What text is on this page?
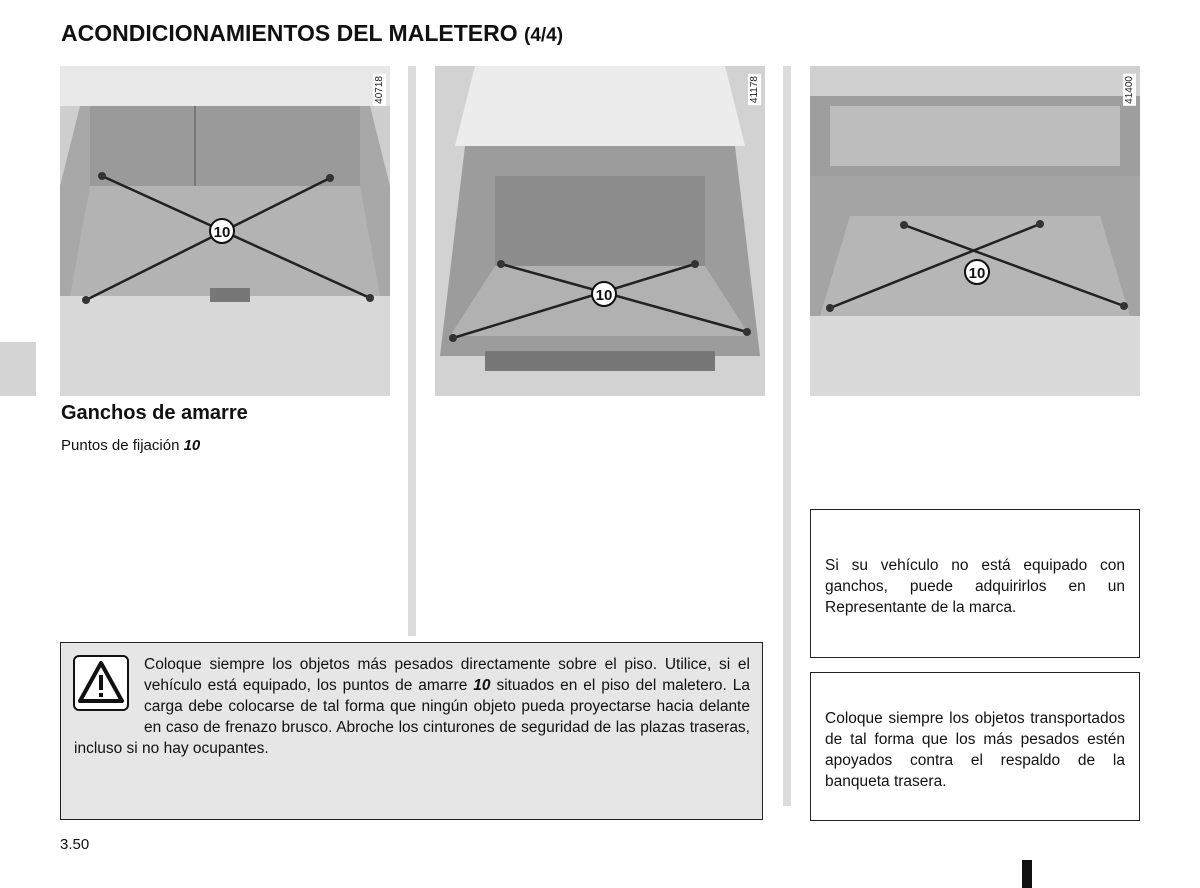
ACONDICIONAMIENTOS DEL MALETERO (4/4)
10
40718
10
41178
10
41400
Ganchos de amarre
Puntos de fijación 10
Coloque siempre los objetos más pesados directamente sobre el piso. Utilice, si el vehículo está equipado, los puntos de amarre 10 situados en el piso del maletero. La carga debe colocarse de tal forma que ningún objeto pueda proyectarse hacia delante en caso de frenazo brusco. Abroche los cinturones de seguridad de las plazas traseras, incluso si no hay ocupantes.
Si su vehículo no está equipado con ganchos, puede adquirirlos en un Representante de la marca.
Coloque siempre los objetos transportados de tal forma que los más pesados estén apoyados contra el respaldo de la banqueta trasera.
3.50
